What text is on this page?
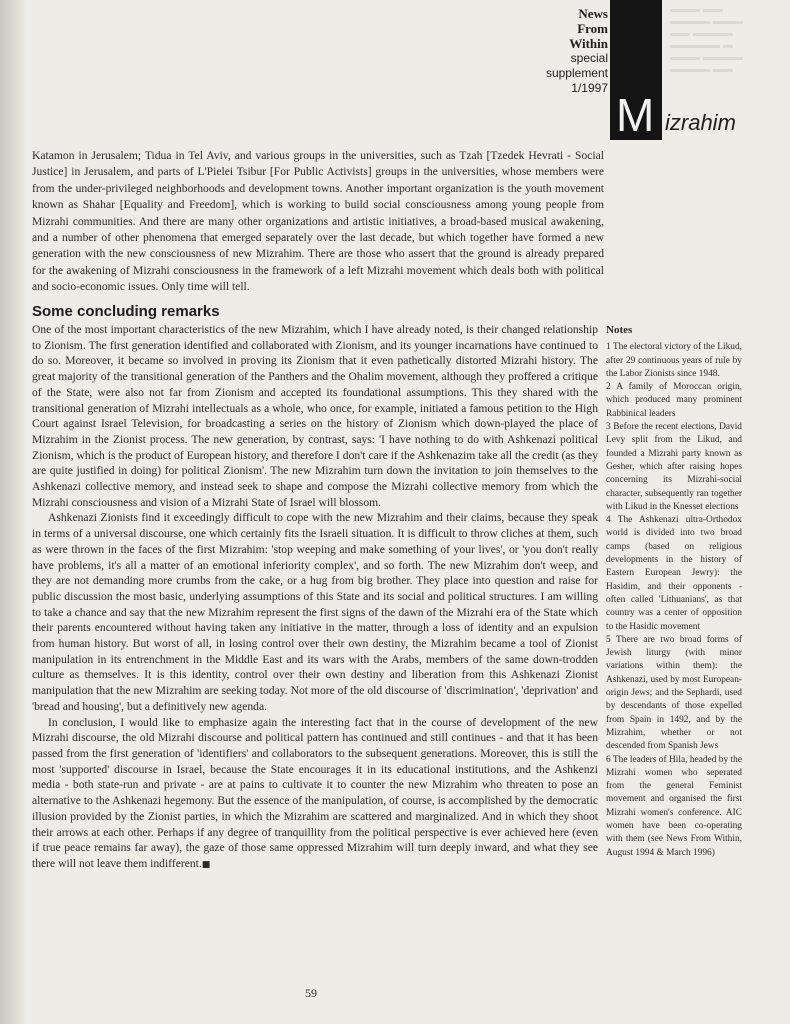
▬▬▬ ▬▬
▬▬▬▬ ▬▬▬
▬▬ ▬▬▬▬
▬▬▬▬▬ ▬
▬▬▬ ▬▬▬▬
▬▬▬▬ ▬▬
News
From
Within
special
supplement
1/1997
M izrahim

Katamon in Jerusalem; Tidua in Tel Aviv, and various groups in the universities, such as Tzah [Tzedek Hevrati - Social Justice] in Jerusalem, and parts of L'Pielei Tsibur [For Public Activists] groups in the universities, whose members were from the under-privileged neighborhoods and development towns. Another important organization is the youth movement known as Shahar [Equality and Freedom], which is working to build social consciousness among young people from Mizrahi communities. And there are many other organizations and artistic initiatives, a broad-based musical awakening, and a number of other phenomena that emerged separately over the last decade, but which together have formed a new generation with the new consciousness of new Mizrahim. There are those who assert that the ground is already prepared for the awakening of Mizrahi consciousness in the framework of a left Mizrahi movement which deals both with political and socio-economic issues. Only time will tell.

Some concluding remarks

One of the most important characteristics of the new Mizrahim, which I have already noted, is their changed relationship to Zionism. The first generation identified and collaborated with Zionism, and its younger incarnations have continued to do so. Moreover, it became so involved in proving its Zionism that it even pathetically distorted Mizrahi history. The great majority of the transitional generation of the Panthers and the Ohalim movement, although they proffered a critique of the State, were also not far from Zionism and accepted its foundational assumptions. This they shared with the transitional generation of Mizrahi intellectuals as a whole, who once, for example, initiated a famous petition to the High Court against Israel Television, for broadcasting a series on the history of Zionism which down-played the place of Mizrahim in the Zionist process. The new generation, by contrast, says: 'I have nothing to do with Ashkenazi political Zionism, which is the product of European history, and therefore I don't care if the Ashkenazim take all the credit (as they are quite justified in doing) for political Zionism'. The new Mizrahim turn down the invitation to join themselves to the Ashkenazi collective memory, and instead seek to shape and compose the Mizrahi collective memory from which the Mizrahi consciousness and vision of a Mizrahi State of Israel will blossom.

Ashkenazi Zionists find it exceedingly difficult to cope with the new Mizrahim and their claims, because they speak in terms of a universal discourse, one which certainly fits the Israeli situation. It is difficult to throw cliches at them, such as were thrown in the faces of the first Mizrahim: 'stop weeping and make something of your lives', or 'you don't really have problems, it's all a matter of an emotional inferiority complex', and so forth. The new Mizrahim don't weep, and they are not demanding more crumbs from the cake, or a hug from big brother. They place into question and raise for public discussion the most basic, underlying assumptions of this State and its social and political structures. I am willing to take a chance and say that the new Mizrahim represent the first signs of the dawn of the Mizrahi era of the State which their parents encountered without having taken any initiative in the matter, through a loss of identity and an expulsion from human history. But worst of all, in losing control over their own destiny, the Mizrahim became a tool of Zionist manipulation in its entrenchment in the Middle East and its wars with the Arabs, members of the same down-trodden culture as themselves. It is this identity, control over their own destiny and liberation from this Ashkenazi Zionist manipulation that the new Mizrahim are seeking today. Not more of the old discourse of 'discrimination', 'deprivation' and 'bread and housing', but a definitively new agenda.

In conclusion, I would like to emphasize again the interesting fact that in the course of development of the new Mizrahi discourse, the old Mizrahi discourse and political pattern has continued and still continues - and that it has been passed from the first generation of 'identifiers' and collaborators to the subsequent generations. Moreover, this is still the most 'supported' discourse in Israel, because the State encourages it in its educational institutions, and the Ashkenzi media - both state-run and private - are at pains to cultivate it to counter the new Mizrahim who threaten to pose an alternative to the Ashkenazi hegemony. But the essence of the manipulation, of course, is accomplished by the democratic illusion provided by the Zionist parties, in which the Mizrahim are scattered and marginalized. And in which they shoot their arrows at each other. Perhaps if any degree of tranquillity from the political perspective is ever achieved here (even if true peace remains far away), the gaze of those same oppressed Mizrahim will turn deeply inward, and what they see there will not leave them indifferent.■

Notes

1 The electoral victory of the Likud, after 29 continuous years of rule by the Labor Zionists since 1948.

2 A family of Moroccan origin, which produced many prominent Rabbinical leaders

3 Before the recent elections, David Levy split from the Likud, and founded a Mizrahi party known as Gesher, which after raising hopes concerning its Mizrahi-social character, subsequently ran together with Likud in the Knesset elections

4 The Ashkenazi ultra-Orthodox world is divided into two broad camps (based on religious developments in the history of Eastern European Jewry): the Hasidim, and their opponents - often called 'Lithuanians', as that country was a center of opposition to the Hasidic movement

5 There are two broad forms of Jewish liturgy (with minor variations within them): the Ashkenazi, used by most European-origin Jews; and the Sephardi, used by descendants of those expelled from Spain in 1492, and by the Mizrahim, whether or not descended from Spanish Jews

6 The leaders of Hila, headed by the Mizrahi women who seperated from the general Feminist movement and organised the first Mizrahi women's conference. AIC women have been co-operating with them (see News From Within, August 1994 & March 1996)

59
